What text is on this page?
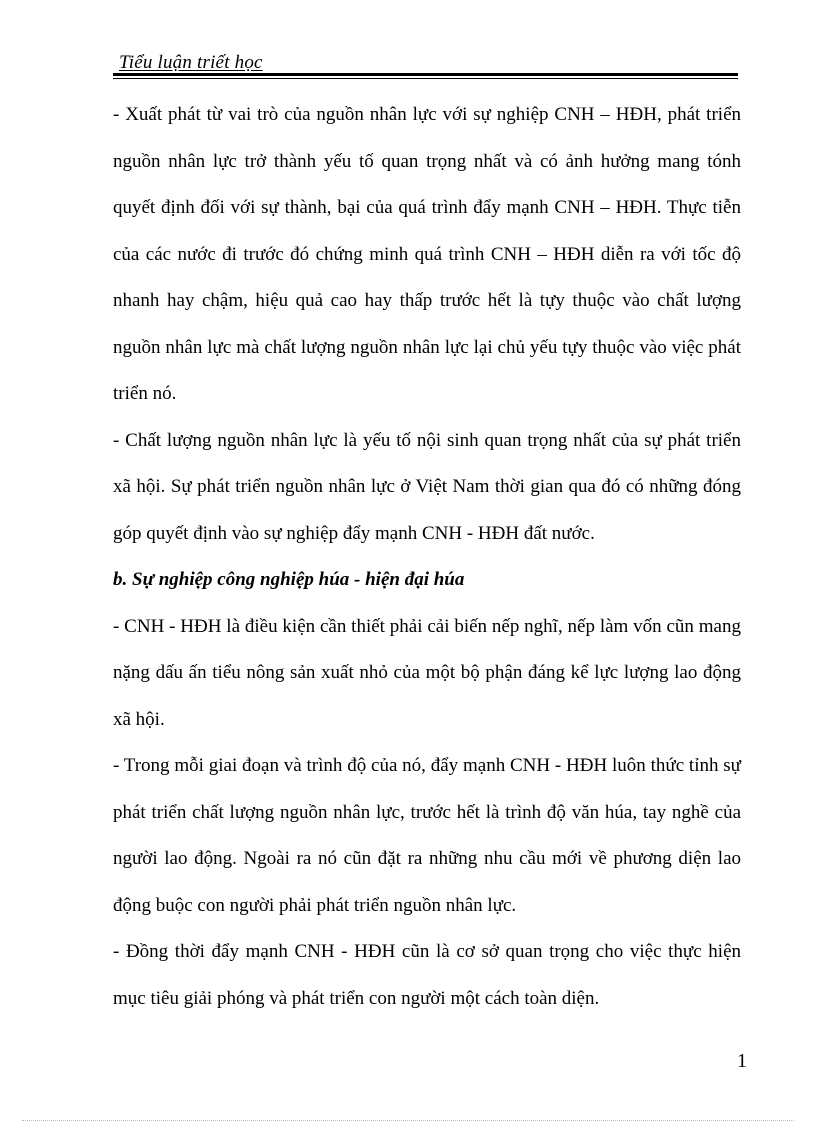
Tiểu luận triết học

- Xuất phát từ vai trò của nguồn nhân lực với sự nghiệp CNH – HĐH, phát triển nguồn nhân lực trở thành yếu tố quan trọng nhất và có ảnh hưởng mang tónh quyết định đối với sự thành, bại của quá trình đẩy mạnh CNH – HĐH. Thực tiễn của các nước đi trước đó chứng minh quá trình CNH – HĐH diễn ra với tốc độ nhanh hay chậm, hiệu quả cao hay thấp trước hết là tựy thuộc vào chất lượng nguồn nhân lực mà chất lượng nguồn nhân lực lại chủ yếu tựy thuộc vào việc phát triển nó.

- Chất lượng nguồn nhân lực là yếu tố nội sinh quan trọng nhất của sự phát triển xã hội. Sự phát triển nguồn nhân lực ở Việt Nam thời gian qua đó có những đóng góp quyết định vào sự nghiệp đẩy mạnh CNH - HĐH đất nước.

b. Sự nghiệp công nghiệp húa - hiện đại húa

- CNH - HĐH là điều kiện cần thiết phải cải biến nếp nghĩ, nếp làm vốn cũn mang nặng dấu ấn tiểu nông sản xuất nhỏ của một bộ phận đáng kể lực lượng lao động xã hội.

- Trong mỗi giai đoạn và trình độ của nó, đẩy mạnh CNH - HĐH luôn thức tỉnh sự phát triển chất lượng nguồn nhân lực, trước hết là trình độ văn húa, tay nghề của người lao động. Ngoài ra nó cũn đặt ra những nhu cầu mới về phương diện lao động buộc con người phải phát triển nguồn nhân lực.

- Đồng thời đẩy mạnh CNH - HĐH cũn là cơ sở quan trọng cho việc thực hiện mục tiêu giải phóng và phát triển con người một cách toàn diện.

1
